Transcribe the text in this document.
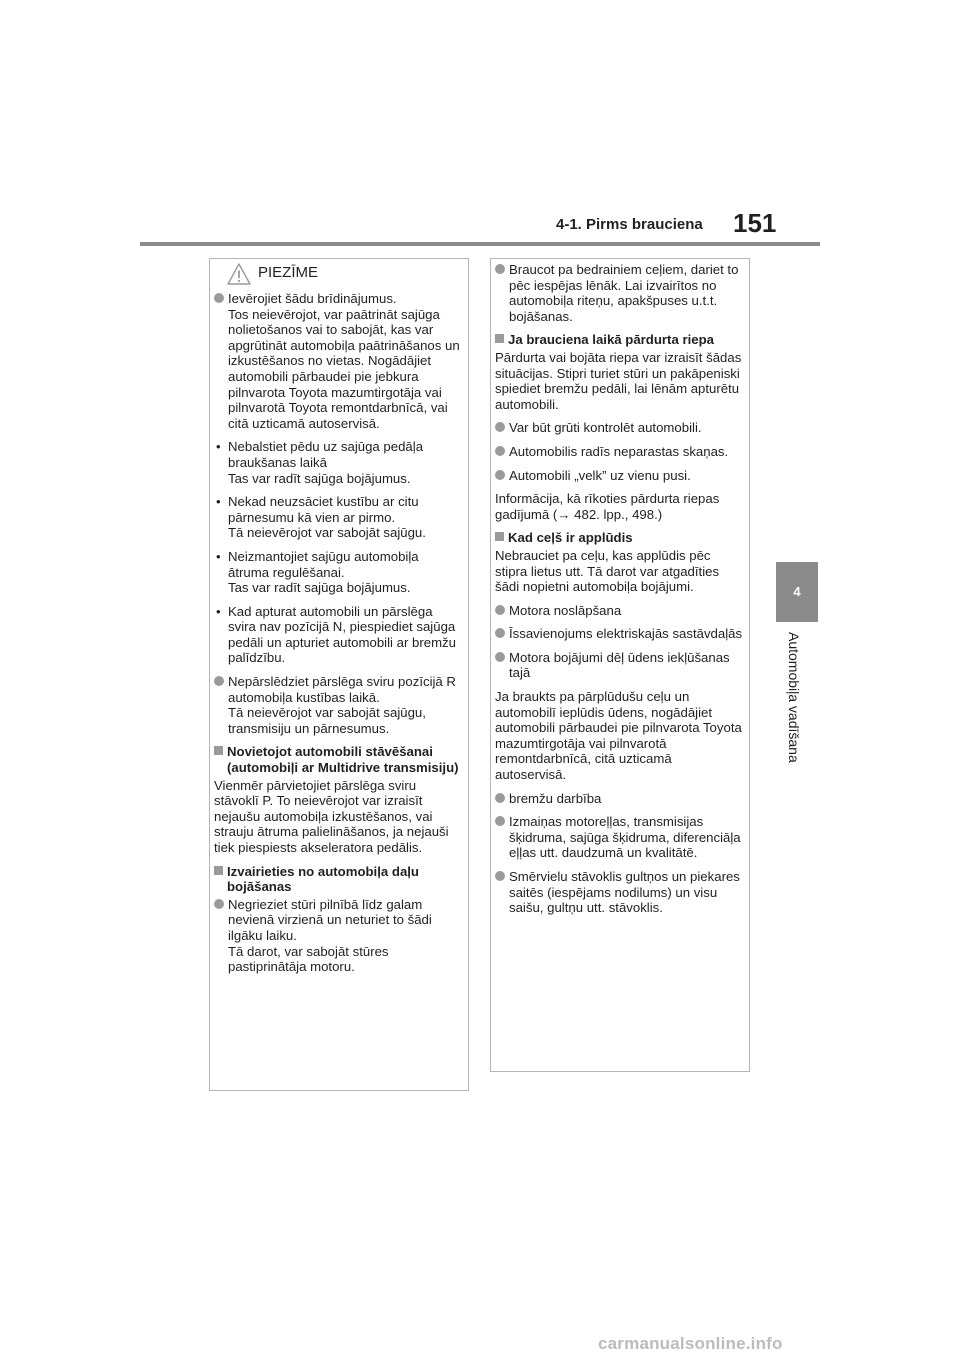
4-1. Pirms brauciena 151
4
Automobiļa vadīšana
PIEZĪME
Ievērojiet šādu brīdinājumus.
Tos neievērojot, var paātrināt sajūga nolietošanos vai to sabojāt, kas var apgrūtināt automobiļa paātrināšanos un izkustēšanos no vietas. Nogādājiet automobili pārbaudei pie jebkura pilnvarota Toyota mazumtirgotāja vai pilnvarotā Toyota remontdarbnīcā, vai citā uzticamā autoservisā.
• Nebalstiet pēdu uz sajūga pedāļa braukšanas laikā
Tas var radīt sajūga bojājumus.
• Nekad neuzsāciet kustību ar citu pārnesumu kā vien ar pirmo.
Tā neievērojot var sabojāt sajūgu.
• Neizmantojiet sajūgu automobiļa ātruma regulēšanai.
Tas var radīt sajūga bojājumus.
• Kad apturat automobili un pārslēga svira nav pozīcijā N, piespiediet sajūga pedāli un apturiet automobili ar bremžu palīdzību.
Nepārslēdziet pārslēga sviru pozīcijā R automobiļa kustības laikā.
Tā neievērojot var sabojāt sajūgu, transmisiju un pārnesumus.
Novietojot automobili stāvēšanai (automobiļi ar Multidrive transmisiju)
Vienmēr pārvietojiet pārslēga sviru stāvoklī P. To neievērojot var izraisīt nejaušu automobiļa izkustēšanos, vai strauju ātruma palielināšanos, ja nejauši tiek piespiests akseleratora pedālis.
Izvairieties no automobiļa daļu bojāšanas
Negrieziet stūri pilnībā līdz galam nevienā virzienā un neturiet to šādi ilgāku laiku.
Tā darot, var sabojāt stūres pastiprinātāja motoru.
Braucot pa bedrainiem ceļiem, dariet to pēc iespējas lēnāk. Lai izvairītos no automobiļa riteņu, apakšpuses u.t.t. bojāšanas.
Ja brauciena laikā pārdurta riepa
Pārdurta vai bojāta riepa var izraisīt šādas situācijas. Stipri turiet stūri un pakāpeniski spiediet bremžu pedāli, lai lēnām apturētu automobili.
Var būt grūti kontrolēt automobili.
Automobilis radīs neparastas skaņas.
Automobili „velk” uz vienu pusi.
Informācija, kā rīkoties pārdurta riepas gadījumā (→ 482. lpp., 498.)
Kad ceļš ir applūdis
Nebrauciet pa ceļu, kas applūdis pēc stipra lietus utt. Tā darot var atgadīties šādi nopietni automobiļa bojājumi.
Motora noslāpšana
Īssavienojums elektriskajās sastāvdaļās
Motora bojājumi dēļ ūdens iekļūšanas tajā
Ja braukts pa pārplūdušu ceļu un automobilī ieplūdis ūdens, nogādājiet automobili pārbaudei pie pilnvarota Toyota mazumtirgotāja vai pilnvarotā remontdarbnīcā, citā uzticamā autoservisā.
bremžu darbība
Izmaiņas motoreļļas, transmisijas šķidruma, sajūga šķidruma, diferenciāļa eļļas utt. daudzumā un kvalitātē.
Smērvielu stāvoklis gultņos un piekares saitēs (iespējams nodilums) un visu saišu, gultņu utt. stāvoklis.
carmanualsonline.info
